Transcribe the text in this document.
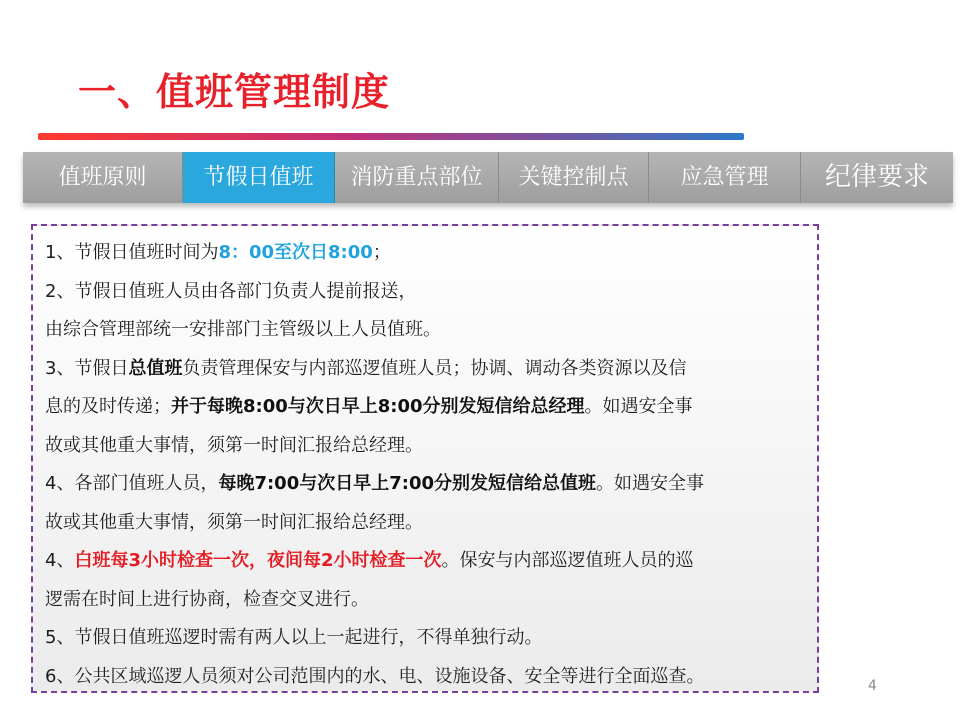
一、值班管理制度
值班原则	节假日值班	消防重点部位	关键控制点	应急管理	纪律要求
1、节假日值班时间为8：00至次日8:00；
2、节假日值班人员由各部门负责人提前报送，
由综合管理部统一安排部门主管级以上人员值班。
3、节假日总值班负责管理保安与内部巡逻值班人员；协调、调动各类资源以及信
息的及时传递；并于每晚8:00与次日早上8:00分别发短信给总经理。如遇安全事
故或其他重大事情，须第一时间汇报给总经理。
4、各部门值班人员，每晚7:00与次日早上7:00分别发短信给总值班。如遇安全事
故或其他重大事情，须第一时间汇报给总经理。
4、白班每3小时检查一次，夜间每2小时检查一次。保安与内部巡逻值班人员的巡
逻需在时间上进行协商，检查交叉进行。
5、节假日值班巡逻时需有两人以上一起进行，不得单独行动。
6、公共区域巡逻人员须对公司范围内的水、电、设施设备、安全等进行全面巡查。	4
